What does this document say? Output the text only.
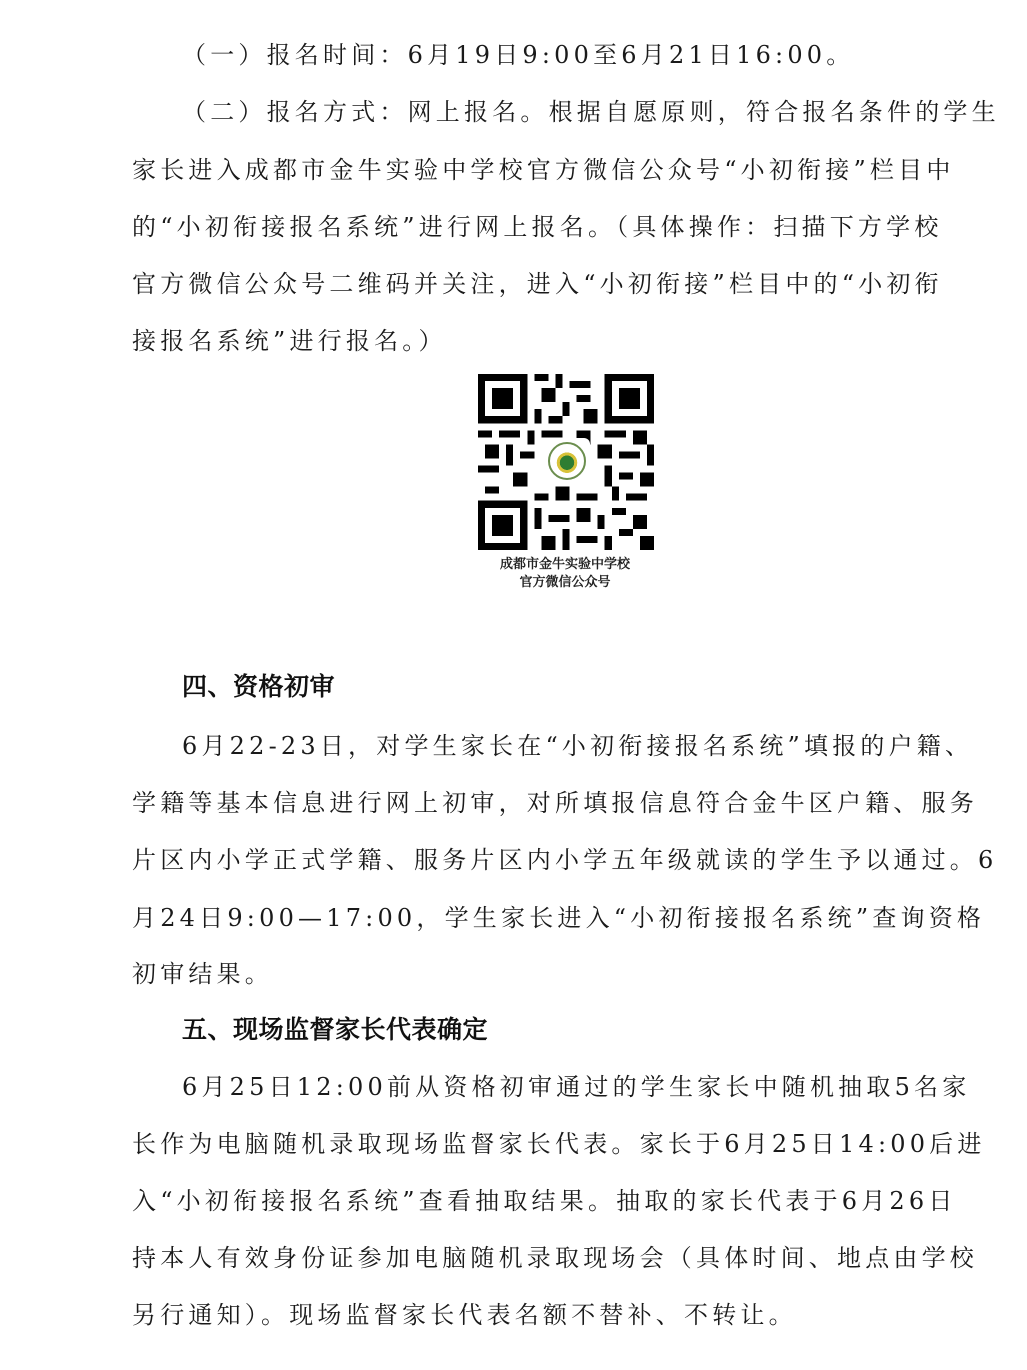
（一）报名时间：6月19日9:00至6月21日16:00。
（二）报名方式：网上报名。根据自愿原则，符合报名条件的学生
家长进入成都市金牛实验中学校官方微信公众号“小初衔接”栏目中
的“小初衔接报名系统”进行网上报名。（具体操作：扫描下方学校
官方微信公众号二维码并关注，进入“小初衔接”栏目中的“小初衔
接报名系统”进行报名。）
成都市金牛实验中学校
官方微信公众号
四、资格初审
6月22-23日，对学生家长在“小初衔接报名系统”填报的户籍、
学籍等基本信息进行网上初审，对所填报信息符合金牛区户籍、服务
片区内小学正式学籍、服务片区内小学五年级就读的学生予以通过。6
月24日9:00—17:00，学生家长进入“小初衔接报名系统”查询资格
初审结果。
五、现场监督家长代表确定
6月25日12:00前从资格初审通过的学生家长中随机抽取5名家
长作为电脑随机录取现场监督家长代表。家长于6月25日14:00后进
入“小初衔接报名系统”查看抽取结果。抽取的家长代表于6月26日
持本人有效身份证参加电脑随机录取现场会（具体时间、地点由学校
另行通知）。现场监督家长代表名额不替补、不转让。
